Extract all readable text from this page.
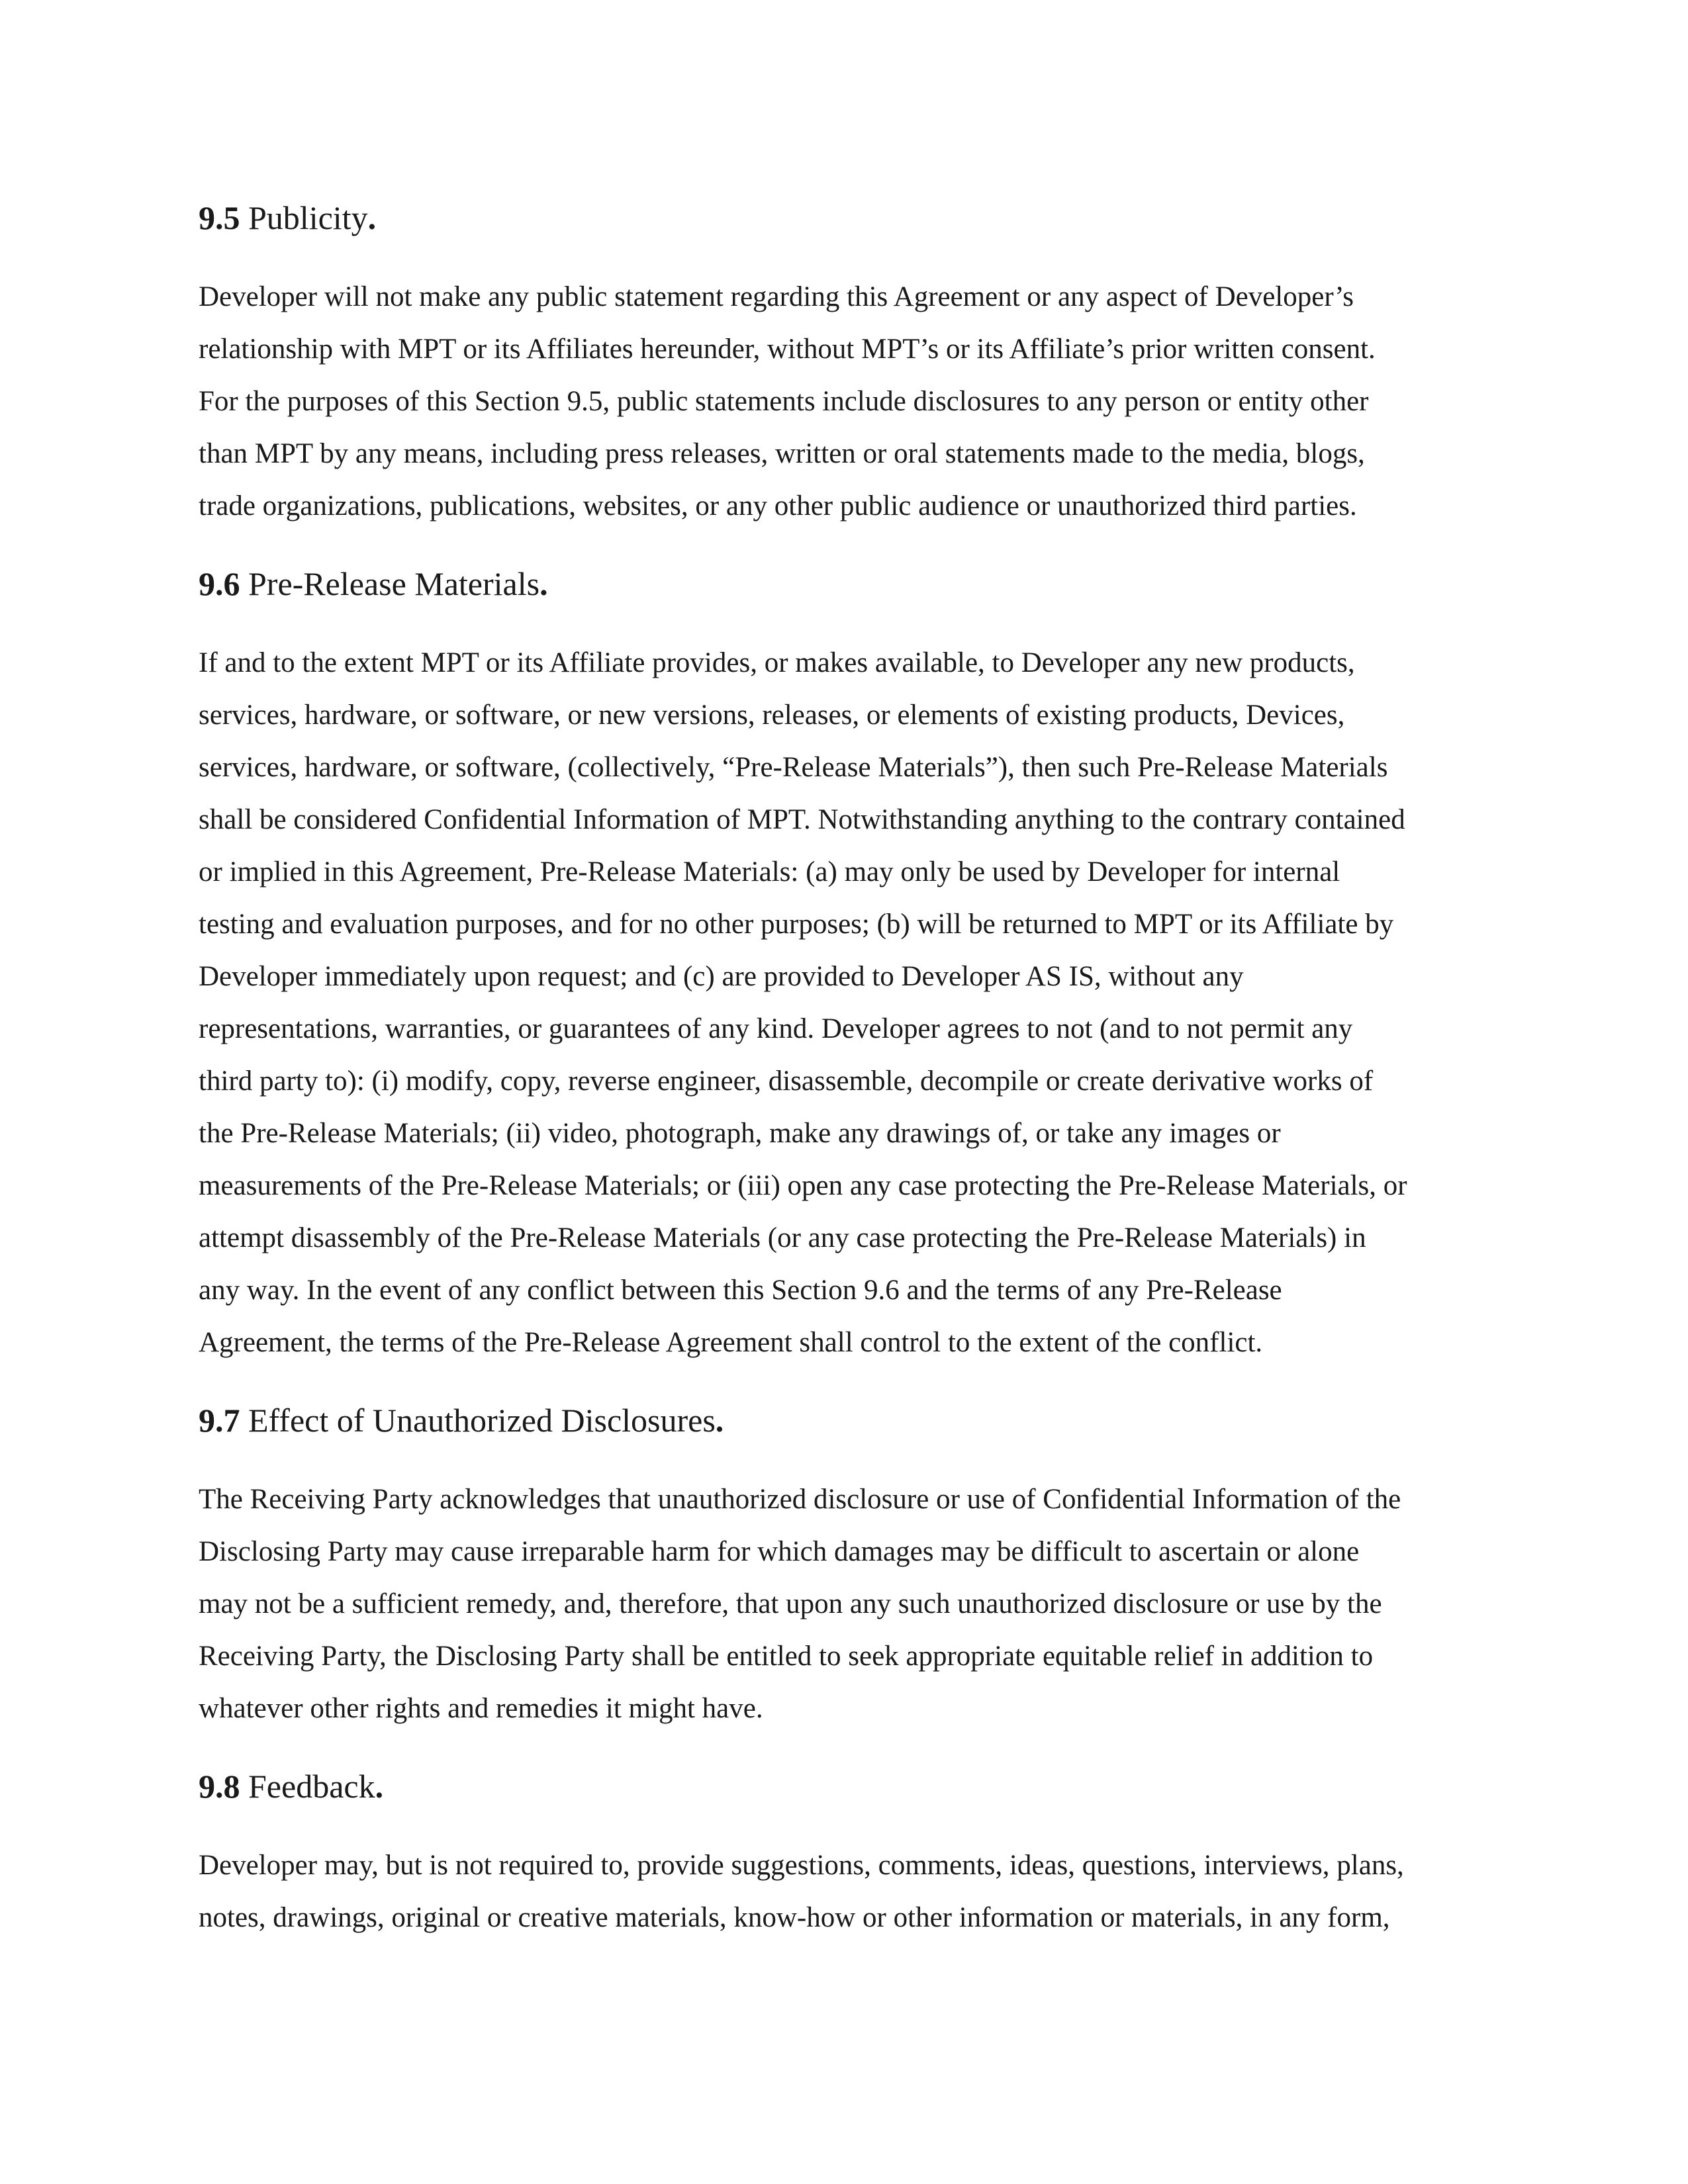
9.5 Publicity.

Developer will not make any public statement regarding this Agreement or any aspect of Developer’s
relationship with MPT or its Affiliates hereunder, without MPT’s or its Affiliate’s prior written consent.
For the purposes of this Section 9.5, public statements include disclosures to any person or entity other
than MPT by any means, including press releases, written or oral statements made to the media, blogs,
trade organizations, publications, websites, or any other public audience or unauthorized third parties.

9.6 Pre-Release Materials.

If and to the extent MPT or its Affiliate provides, or makes available, to Developer any new products,
services, hardware, or software, or new versions, releases, or elements of existing products, Devices,
services, hardware, or software, (collectively, “Pre-Release Materials”), then such Pre-Release Materials
shall be considered Confidential Information of MPT. Notwithstanding anything to the contrary contained
or implied in this Agreement, Pre-Release Materials: (a) may only be used by Developer for internal
testing and evaluation purposes, and for no other purposes; (b) will be returned to MPT or its Affiliate by
Developer immediately upon request; and (c) are provided to Developer AS IS, without any
representations, warranties, or guarantees of any kind. Developer agrees to not (and to not permit any
third party to): (i) modify, copy, reverse engineer, disassemble, decompile or create derivative works of
the Pre-Release Materials; (ii) video, photograph, make any drawings of, or take any images or
measurements of the Pre-Release Materials; or (iii) open any case protecting the Pre-Release Materials, or
attempt disassembly of the Pre-Release Materials (or any case protecting the Pre-Release Materials) in
any way. In the event of any conflict between this Section 9.6 and the terms of any Pre-Release
Agreement, the terms of the Pre-Release Agreement shall control to the extent of the conflict.

9.7 Effect of Unauthorized Disclosures.

The Receiving Party acknowledges that unauthorized disclosure or use of Confidential Information of the
Disclosing Party may cause irreparable harm for which damages may be difficult to ascertain or alone
may not be a sufficient remedy, and, therefore, that upon any such unauthorized disclosure or use by the
Receiving Party, the Disclosing Party shall be entitled to seek appropriate equitable relief in addition to
whatever other rights and remedies it might have.

9.8 Feedback.

Developer may, but is not required to, provide suggestions, comments, ideas, questions, interviews, plans,
notes, drawings, original or creative materials, know-how or other information or materials, in any form,
